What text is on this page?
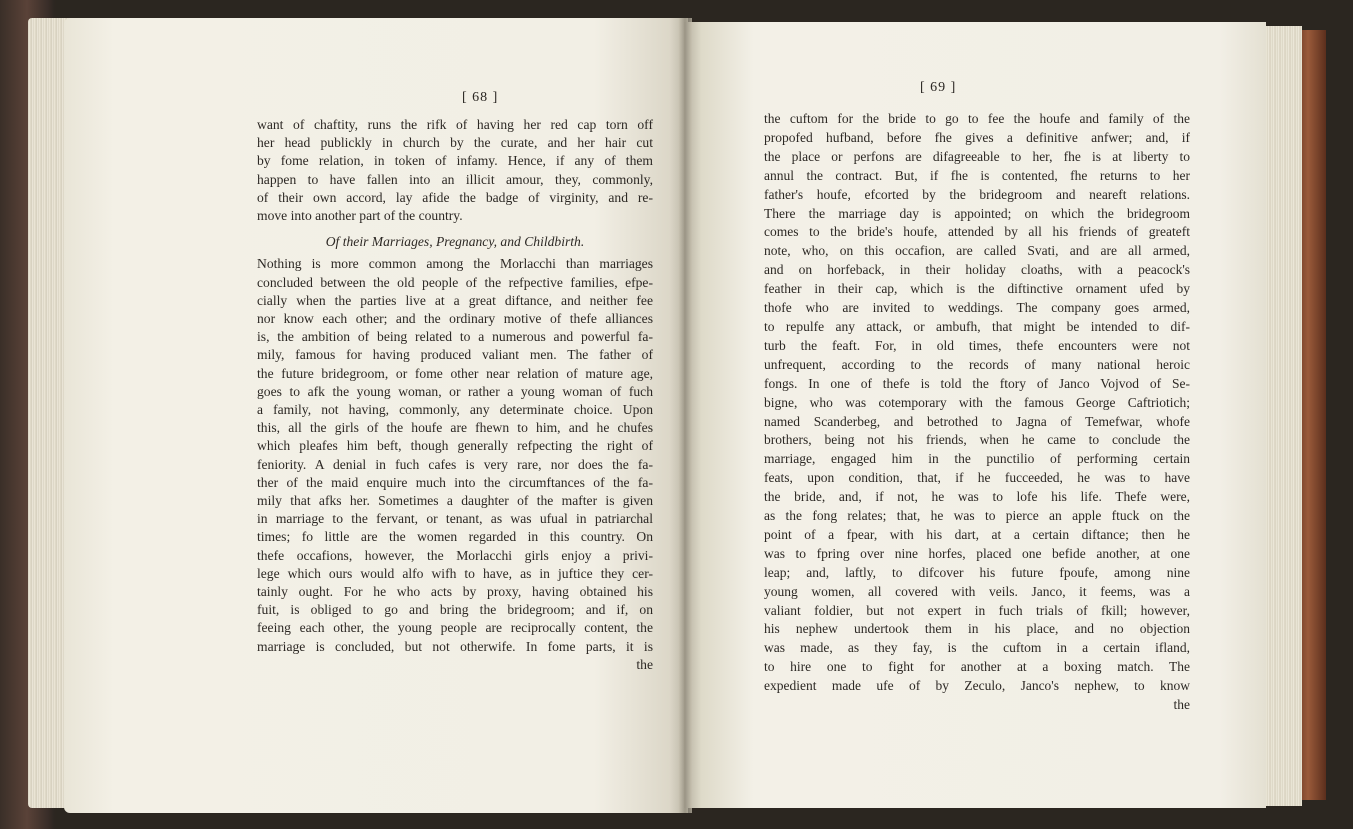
[ 68 ]
want of chaftity, runs the rifk of having her red cap torn off
her head publickly in church by the curate, and her hair cut
by fome relation, in token of infamy. Hence, if any of them
happen to have fallen into an illicit amour, they, commonly,
of their own accord, lay afide the badge of virginity, and re-
move into another part of the country.
Of their Marriages, Pregnancy, and Childbirth.
Nothing is more common among the Morlacchi than marriages
concluded between the old people of the refpective families, efpe-
cially when the parties live at a great diftance, and neither fee
nor know each other; and the ordinary motive of thefe alliances
is, the ambition of being related to a numerous and powerful fa-
mily, famous for having produced valiant men. The father of
the future bridegroom, or fome other near relation of mature age,
goes to afk the young woman, or rather a young woman of fuch
a family, not having, commonly, any determinate choice. Upon
this, all the girls of the houfe are fhewn to him, and he chufes
which pleafes him beft, though generally refpecting the right of
feniority. A denial in fuch cafes is very rare, nor does the fa-
ther of the maid enquire much into the circumftances of the fa-
mily that afks her. Sometimes a daughter of the mafter is given
in marriage to the fervant, or tenant, as was ufual in patriarchal
times; fo little are the women regarded in this country. On
thefe occafions, however, the Morlacchi girls enjoy a privi-
lege which ours would alfo wifh to have, as in juftice they cer-
tainly ought. For he who acts by proxy, having obtained his
fuit, is obliged to go and bring the bridegroom; and if, on
feeing each other, the young people are reciprocally content, the
marriage is concluded, but not otherwife. In fome parts, it is
the
[ 69 ]
the cuftom for the bride to go to fee the houfe and family of the
propofed hufband, before fhe gives a definitive anfwer; and, if
the place or perfons are difagreeable to her, fhe is at liberty to
annul the contract. But, if fhe is contented, fhe returns to her
father's houfe, efcorted by the bridegroom and neareft relations.
There the marriage day is appointed; on which the bridegroom
comes to the bride's houfe, attended by all his friends of greateft
note, who, on this occafion, are called Svati, and are all armed,
and on horfeback, in their holiday cloaths, with a peacock's
feather in their cap, which is the diftinctive ornament ufed by
thofe who are invited to weddings. The company goes armed,
to repulfe any attack, or ambufh, that might be intended to dif-
turb the feaft. For, in old times, thefe encounters were not
unfrequent, according to the records of many national heroic
fongs. In one of thefe is told the ftory of Janco Vojvod of Se-
bigne, who was cotemporary with the famous George Caftriotich;
named Scanderbeg, and betrothed to Jagna of Temefwar, whofe
brothers, being not his friends, when he came to conclude the
marriage, engaged him in the punctilio of performing certain
feats, upon condition, that, if he fucceeded, he was to have
the bride, and, if not, he was to lofe his life. Thefe were,
as the fong relates; that, he was to pierce an apple ftuck on the
point of a fpear, with his dart, at a certain diftance; then he
was to fpring over nine horfes, placed one befide another, at one
leap; and, laftly, to difcover his future fpoufe, among nine
young women, all covered with veils. Janco, it feems, was a
valiant foldier, but not expert in fuch trials of fkill; however,
his nephew undertook them in his place, and no objection
was made, as they fay, is the cuftom in a certain ifland,
to hire one to fight for another at a boxing match. The
expedient made ufe of by Zeculo, Janco's nephew, to know
the
